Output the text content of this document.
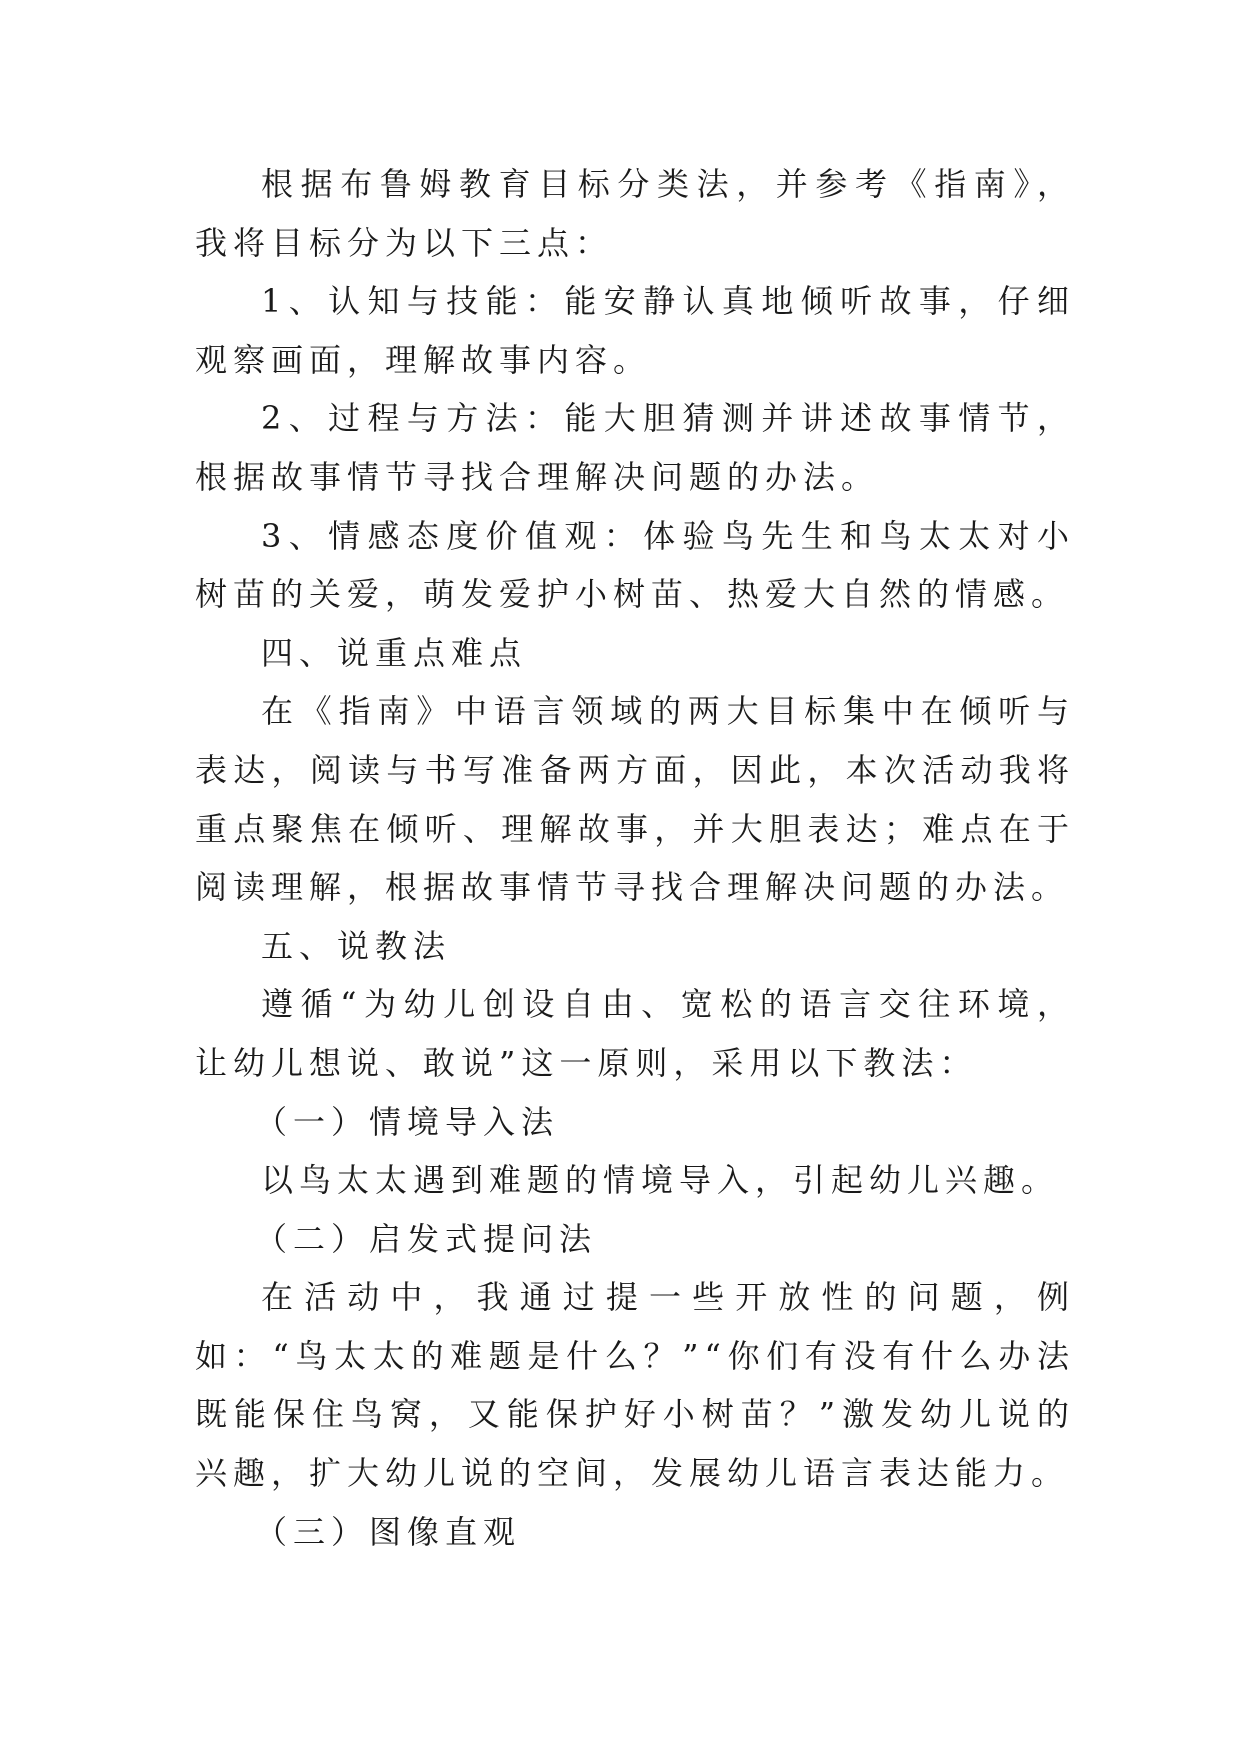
根据布鲁姆教育目标分类法，并参考《指南》，我将目标分为以下三点：

1、认知与技能：能安静认真地倾听故事，仔细观察画面，理解故事内容。

2、过程与方法：能大胆猜测并讲述故事情节，根据故事情节寻找合理解决问题的办法。

3、情感态度价值观：体验鸟先生和鸟太太对小树苗的关爱，萌发爱护小树苗、热爱大自然的情感。

四、说重点难点

在《指南》中语言领域的两大目标集中在倾听与表达，阅读与书写准备两方面，因此，本次活动我将重点聚焦在倾听、理解故事，并大胆表达；难点在于阅读理解，根据故事情节寻找合理解决问题的办法。

五、说教法

遵循“为幼儿创设自由、宽松的语言交往环境，让幼儿想说、敢说”这一原则，采用以下教法：

（一）情境导入法

以鸟太太遇到难题的情境导入，引起幼儿兴趣。

（二）启发式提问法

在活动中，我通过提一些开放性的问题，例如：“鸟太太的难题是什么？”“你们有没有什么办法既能保住鸟窝，又能保护好小树苗？”激发幼儿说的兴趣，扩大幼儿说的空间，发展幼儿语言表达能力。

（三）图像直观
